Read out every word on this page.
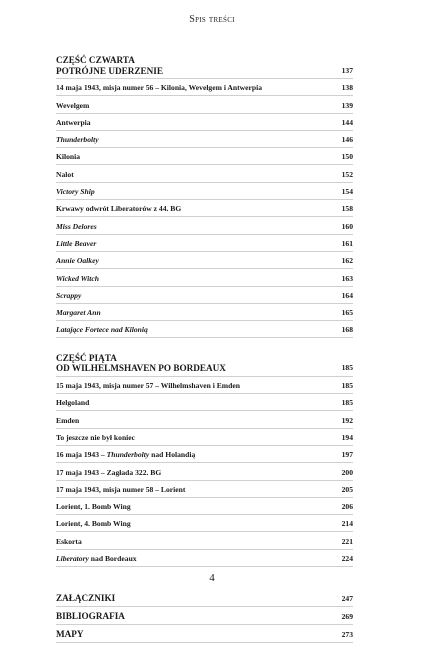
Spis treści
CZĘŚĆ CZWARTA
POTRÓJNE UDERZENIE	137
14 maja 1943, misja numer 56 – Kilonia, Wevelgem i Antwerpia	138
Wevelgem	139
Antwerpia	144
Thunderbolty	146
Kilonia	150
Nalot	152
Victory Ship	154
Krwawy odwrót Liberatorów z 44. BG	158
Miss Delores	160
Little Beaver	161
Annie Oalkey	162
Wicked Witch	163
Scrappy	164
Margaret Ann	165
Latające Fortece nad Kilonią	168
CZĘŚĆ PIĄTA
OD WILHELMSHAVEN PO BORDEAUX	185
15 maja 1943, misja numer 57 – Wilhelmshaven i Emden	185
Helgoland	185
Emden	192
To jeszcze nie był koniec	194
16 maja 1943 – Thunderbolty nad Holandią	197
17 maja 1943 – Zagłada 322. BG	200
17 maja 1943, misja numer 58 – Lorient	205
Lorient, 1. Bomb Wing	206
Lorient, 4. Bomb Wing	214
Eskorta	221
Liberatory nad Bordeaux	224
ZAŁĄCZNIKI	247
BIBLIOGRAFIA	269
MAPY	273
4
